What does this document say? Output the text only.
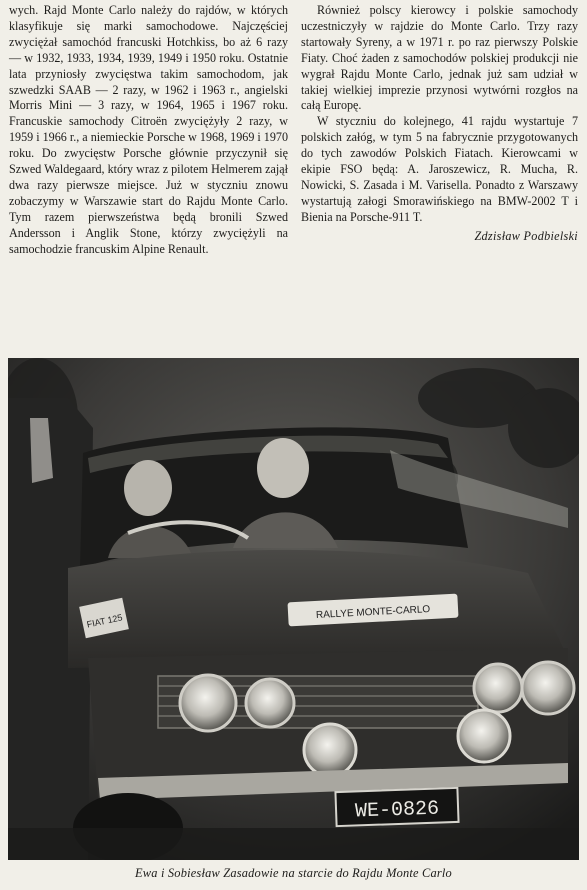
wych. Rajd Monte Carlo należy do rajdów, w których klasyfikuje się marki samochodowe. Najczęściej zwyciężał samochód francuski Hotchkiss, bo aż 6 razy — w 1932, 1933, 1934, 1939, 1949 i 1950 roku. Ostatnie lata przyniosły zwycięstwa takim samochodom, jak szwedzki SAAB — 2 razy, w 1962 i 1963 r., angielski Morris Mini — 3 razy, w 1964, 1965 i 1967 roku. Francuskie samochody Citroën zwyciężyły 2 razy, w 1959 i 1966 r., a niemieckie Porsche w 1968, 1969 i 1970 roku. Do zwycięstw Porsche głównie przyczynił się Szwed Waldegaard, który wraz z pilotem Helmerem zajął dwa razy pierwsze miejsce. Już w styczniu znowu zobaczymy w Warszawie start do Rajdu Monte Carlo. Tym razem pierwszeństwa będą bronili Szwed Andersson i Anglik Stone, którzy zwyciężyli na samochodzie francuskim Alpine Renault.

Również polscy kierowcy i polskie samochody uczestniczyły w rajdzie do Monte Carlo. Trzy razy startowały Syreny, a w 1971 r. po raz pierwszy Polskie Fiaty. Choć żaden z samochodów polskiej produkcji nie wygrał Rajdu Monte Carlo, jednak już sam udział w takiej wielkiej imprezie przynosi wytwórni rozgłos na całą Europę.

W styczniu do kolejnego, 41 rajdu wystartuje 7 polskich załóg, w tym 5 na fabrycznie przygotowanych do tych zawodów Polskich Fiatach. Kierowcami w ekipie FSO będą: A. Jaroszewicz, R. Mucha, R. Nowicki, S. Zasada i M. Varisella. Ponadto z Warszawy wystartują załogi Smorawińskiego na BMW-2002 T i Bienia na Porsche-911 T.

Zdzisław Podbielski
RALLYE MONTE-CARLO
FIAT 125
WE-0826
Ewa i Sobiesław Zasadowie na starcie do Rajdu Monte Carlo
